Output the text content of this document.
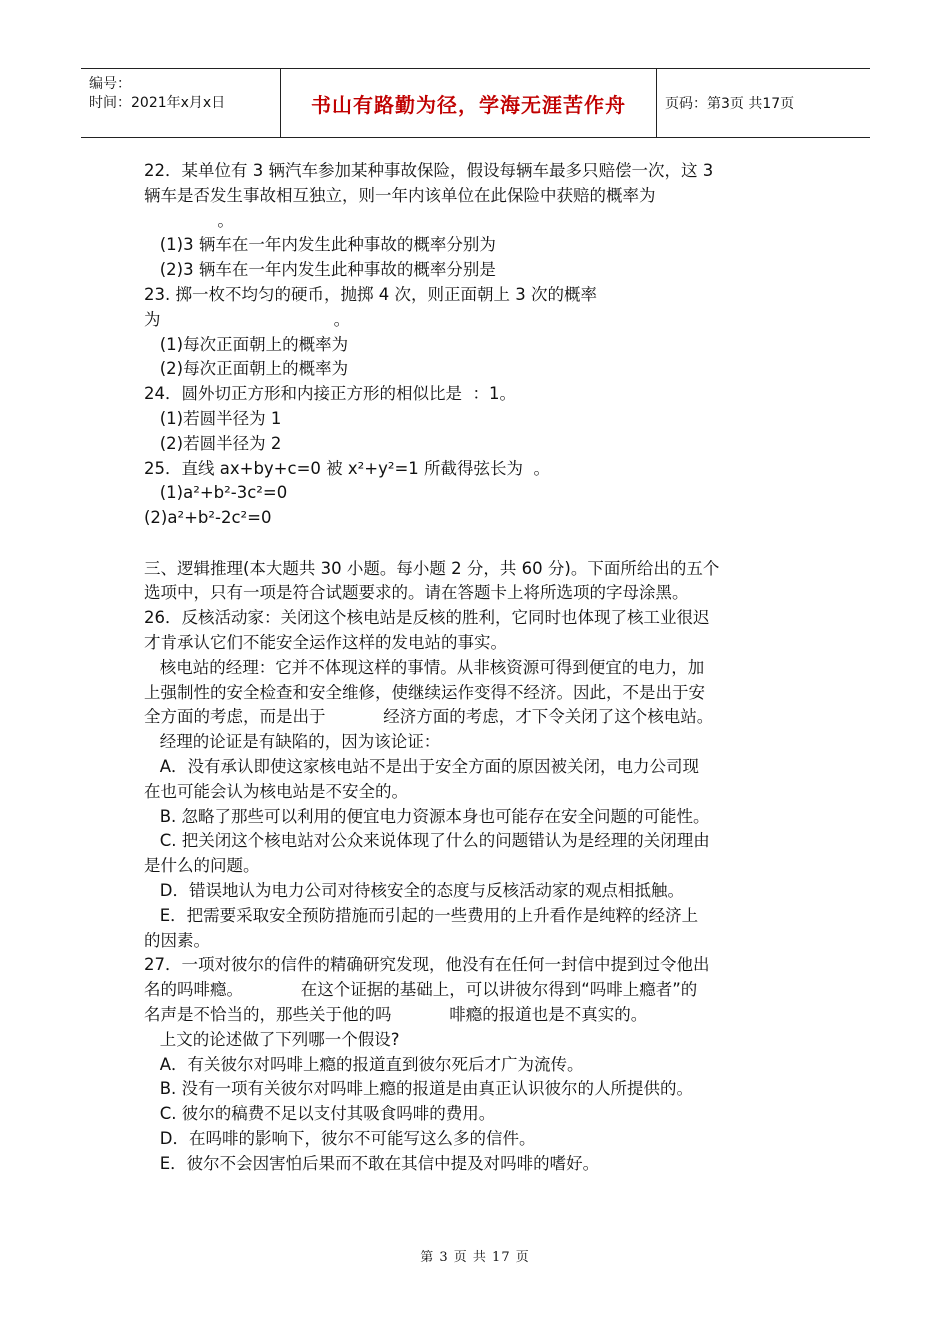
编号：
时间：2021年x月x日	书山有路勤为径，学海无涯苦作舟	页码：第3页 共17页
22．某单位有 3 辆汽车参加某种事故保险，假设每辆车最多只赔偿一次，这 3
辆车是否发生事故相互独立，则一年内该单位在此保险中获赔的概率为
。
(1)3 辆车在一年内发生此种事故的概率分别为
(2)3 辆车在一年内发生此种事故的概率分别是
23. 掷一枚不均匀的硬币，抛掷 4 次，则正面朝上 3 次的概率
为                                 。
(1)每次正面朝上的概率为
(2)每次正面朝上的概率为
24．圆外切正方形和内接正方形的相似比是  ：1。
(1)若圆半径为 1
(2)若圆半径为 2
25．直线 ax+by+c=0 被 x²+y²=1 所截得弦长为  。
(1)a²+b²-3c²=0
(2)a²+b²-2c²=0
三、逻辑推理(本大题共 30 小题。每小题 2 分，共 60 分)。下面所给出的五个
选项中，只有一项是符合试题要求的。请在答题卡上将所选项的字母涂黑。
26．反核活动家：关闭这个核电站是反核的胜利，它同时也体现了核工业很迟
才肯承认它们不能安全运作这样的发电站的事实。
核电站的经理：它并不体现这样的事情。从非核资源可得到便宜的电力，加
上强制性的安全检查和安全维修，使继续运作变得不经济。因此，不是出于安
全方面的考虑，而是出于           经济方面的考虑，才下令关闭了这个核电站。
经理的论证是有缺陷的，因为该论证：
A．没有承认即使这家核电站不是出于安全方面的原因被关闭，电力公司现
在也可能会认为核电站是不安全的。
B. 忽略了那些可以利用的便宜电力资源本身也可能存在安全问题的可能性。
C. 把关闭这个核电站对公众来说体现了什么的问题错认为是经理的关闭理由
是什么的问题。
D．错误地认为电力公司对待核安全的态度与反核活动家的观点相抵触。
E．把需要采取安全预防措施而引起的一些费用的上升看作是纯粹的经济上
的因素。
27．一项对彼尔的信件的精确研究发现，他没有在任何一封信中提到过令他出
名的吗啡瘾。           在这个证据的基础上，可以讲彼尔得到“吗啡上瘾者”的
名声是不恰当的，那些关于他的吗           啡瘾的报道也是不真实的。
上文的论述做了下列哪一个假设?
A．有关彼尔对吗啡上瘾的报道直到彼尔死后才广为流传。
B. 没有一项有关彼尔对吗啡上瘾的报道是由真正认识彼尔的人所提供的。
C. 彼尔的稿费不足以支付其吸食吗啡的费用。
D．在吗啡的影响下，彼尔不可能写这么多的信件。
E．彼尔不会因害怕后果而不敢在其信中提及对吗啡的嗜好。
第 3 页 共 17 页
